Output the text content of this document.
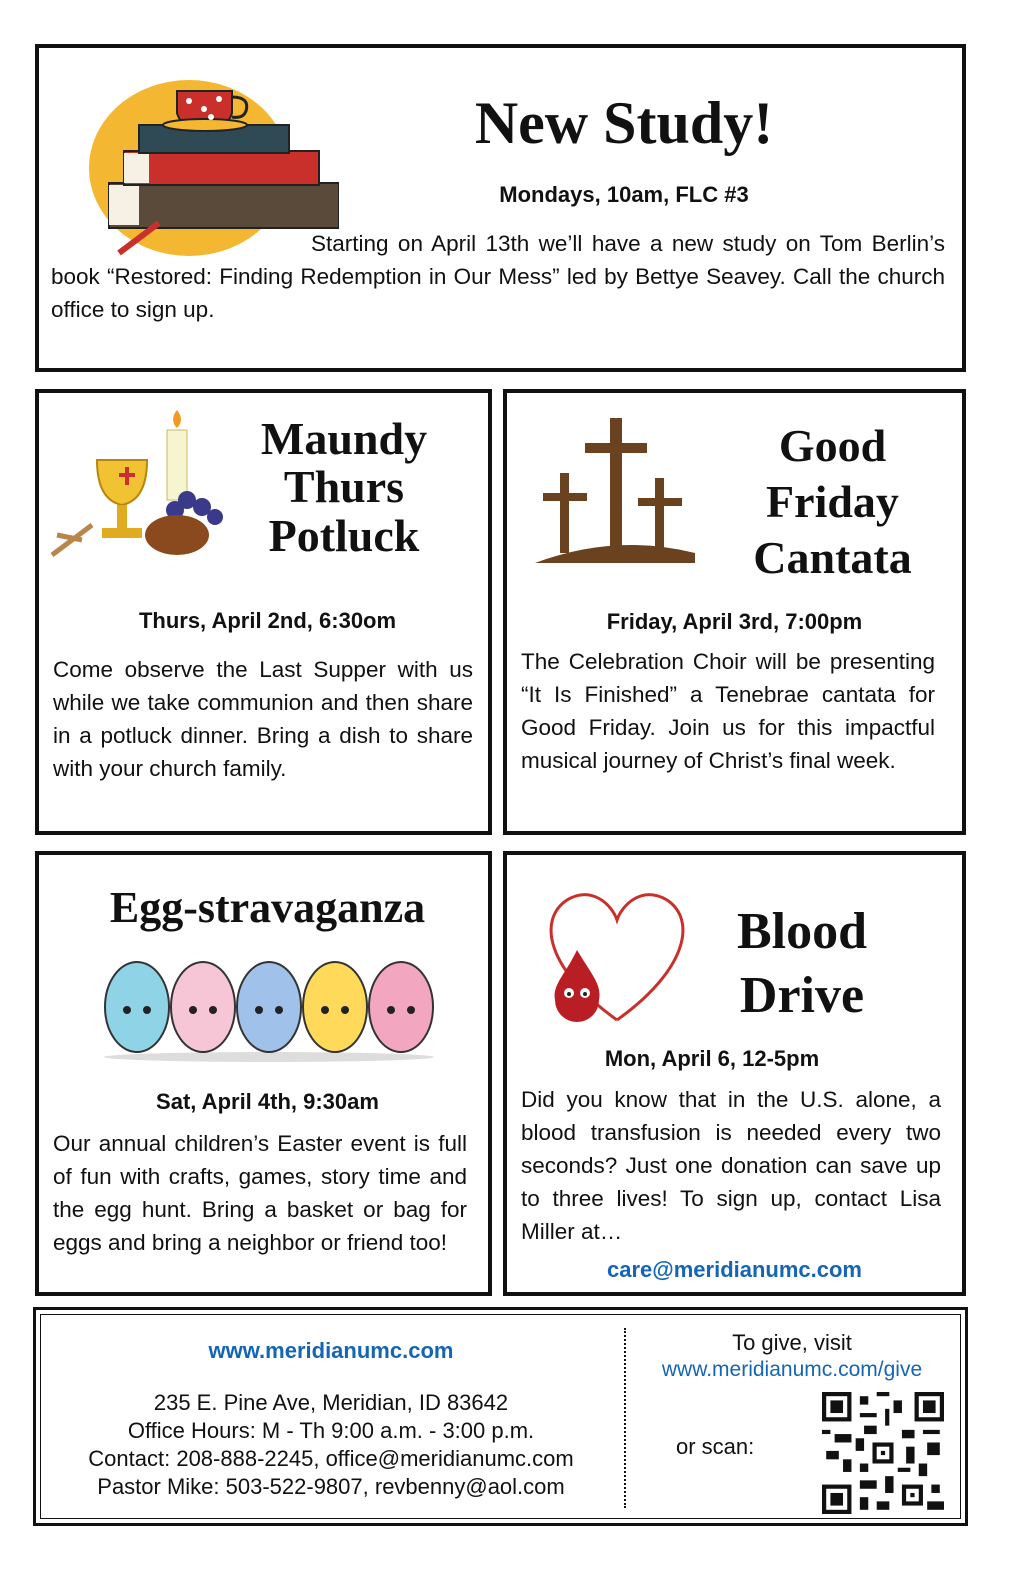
New Study!
Mondays, 10am, FLC #3
Starting on April 13th we’ll have a new study on Tom Berlin’s book “Restored: Finding Redemption in Our Mess” led by Bettye Seavey. Call the church office to sign up.
Maundy
Thurs
Potluck
Thurs, April 2nd, 6:30om
Come observe the Last Supper with us while we take communion and then share in a potluck dinner. Bring a dish to share with your church family.
Good
Friday
Cantata
Friday, April 3rd, 7:00pm
The Celebration Choir will be presenting “It Is Finished” a Tenebrae cantata for Good Friday. Join us for this impactful musical journey of Christ’s final week.
Egg-stravaganza
Sat, April 4th, 9:30am
Our annual children’s Easter event is full of fun with crafts, games, story time and the egg hunt. Bring a basket or bag for eggs and bring a neighbor or friend too!
Blood
Drive
Mon, April 6, 12-5pm
Did you know that in the U.S. alone, a blood transfusion is needed every two seconds? Just one donation can save up to three lives! To sign up, contact Lisa Miller at…
care@meridianumc.com
www.meridianumc.com
235 E. Pine Ave, Meridian, ID 83642
Office Hours: M - Th 9:00 a.m. - 3:00 p.m.
Contact: 208-888-2245, office@meridianumc.com
Pastor Mike: 503-522-9807, revbenny@aol.com
To give, visit
www.meridianumc.com/give
or scan:
